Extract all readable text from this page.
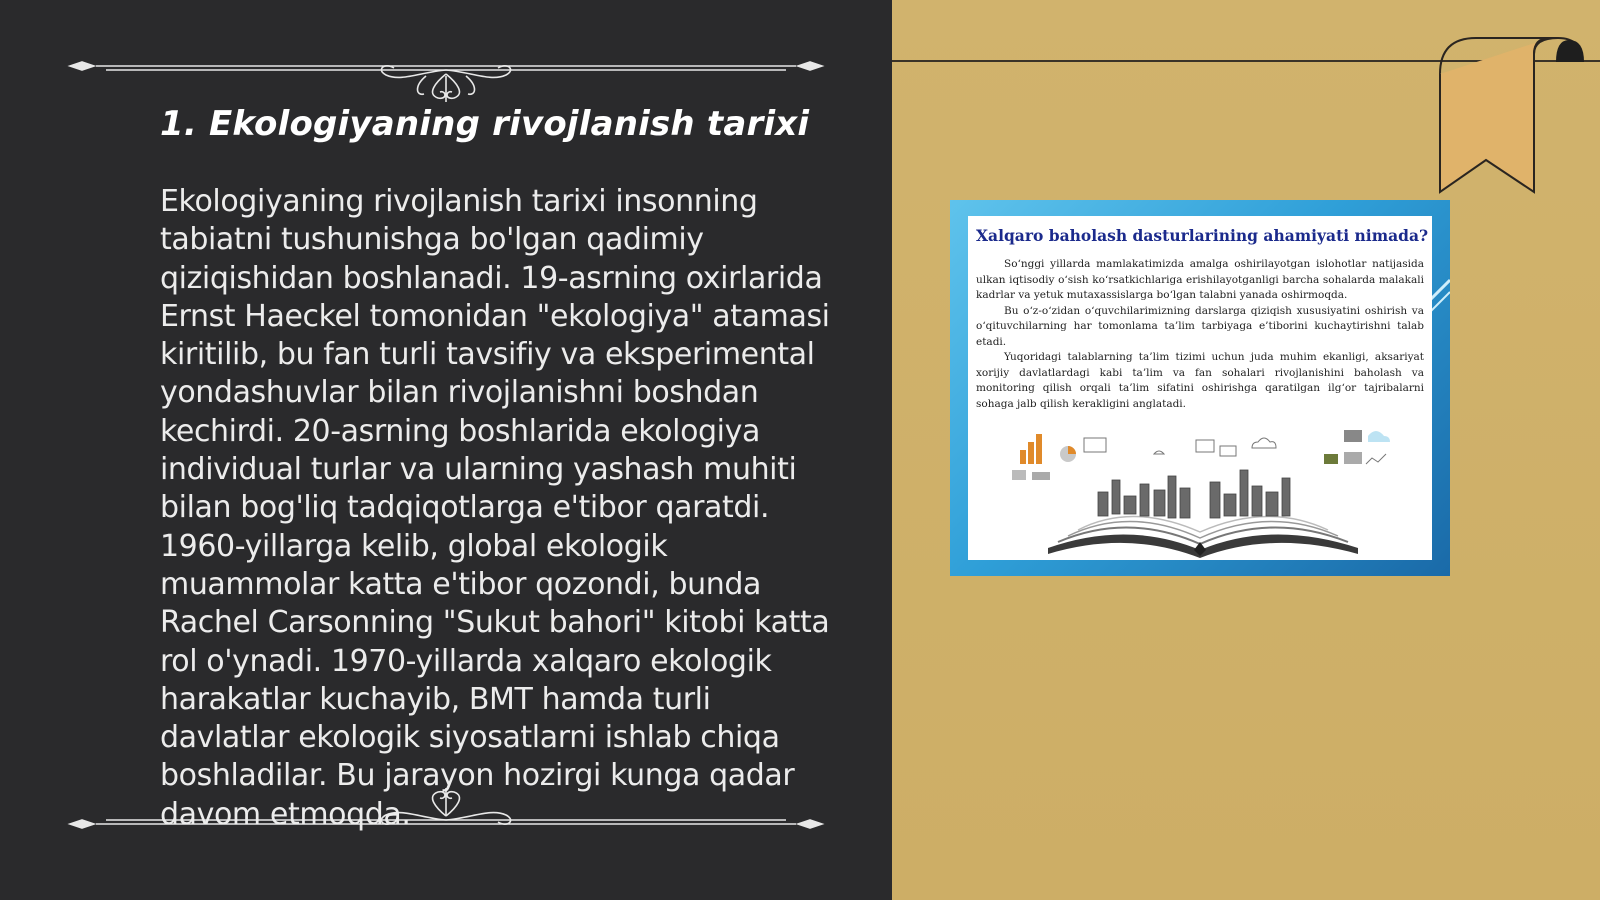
1. Ekologiyaning rivojlanish tarixi

Ekologiyaning rivojlanish tarixi insonning tabiatni tushunishga bo'lgan qadimiy qiziqishidan boshlanadi. 19-asrning oxirlarida Ernst Haeckel tomonidan "ekologiya" atamasi kiritilib, bu fan turli tavsifiy va eksperimental yondashuvlar bilan rivojlanishni boshdan kechirdi. 20-asrning boshlarida ekologiya individual turlar va ularning yashash muhiti bilan bog'liq tadqiqotlarga e'tibor qaratdi. 1960-yillarga kelib, global ekologik muammolar katta e'tibor qozondi, bunda Rachel Carsonning "Sukut bahori" kitobi katta rol o'ynadi. 1970-yillarda xalqaro ekologik harakatlar kuchayib, BMT hamda turli davlatlar ekologik siyosatlarni ishlab chiqa boshladilar. Bu jarayon hozirgi kunga qadar davom etmoqda.

Xalqaro baholash dasturlarining ahamiyati nimada?

So‘nggi yillarda mamlakatimizda amalga oshirilayotgan islohotlar natijasida ulkan iqtisodiy o‘sish ko‘rsatkichlariga erishilayotganligi barcha sohalarda malakali kadrlar va yetuk mutaxassislarga bo‘lgan talabni yanada oshirmoqda.

Bu o‘z-o‘zidan o‘quvchilarimizning darslarga qiziqish xususiyatini oshirish va o‘qituvchilarning har tomonlama ta’lim tarbiyaga e’tiborini kuchaytirishni talab etadi.

Yuqoridagi talablarning ta’lim tizimi uchun juda muhim ekanligi, aksariyat xorijiy davlatlardagi kabi ta’lim va fan sohalari rivojlanishini baholash va monitoring qilish orqali ta’lim sifatini oshirishga qaratilgan ilg‘or tajribalarni sohaga jalb qilish kerakligini anglatadi.
